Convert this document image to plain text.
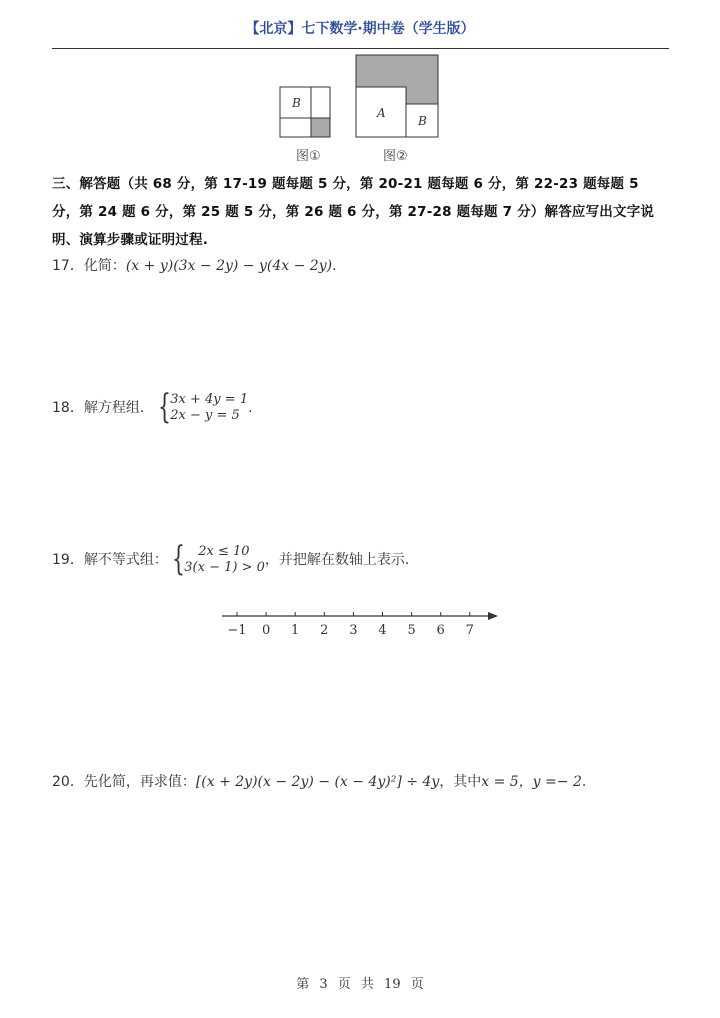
【北京】七下数学·期中卷（学生版）
B
A
B
图①	图②
三、解答题（共 68 分，第 17-19 题每题 5 分，第 20-21 题每题 6 分，第 22-23 题每题 5 分，第 24 题 6 分，第 25 题 5 分，第 26 题 6 分，第 27-28 题每题 7 分）解答应写出文字说明、演算步骤或证明过程.
17．化简：(x + y)(3x − 2y) − y(4x − 2y).
18．解方程组． { 3x + 4y = 1
2x − y = 5 .
19．解不等式组： {	2x ≤ 10
3(x − 1) > 0 ，并把解在数轴上表示．
−1 0 1 2 3 4 5 6 7
20．先化简，再求值：[(x + 2y)(x − 2y) − (x − 4y)²] ÷ 4y，其中x = 5，y =− 2.
第 3 页 共 19 页
